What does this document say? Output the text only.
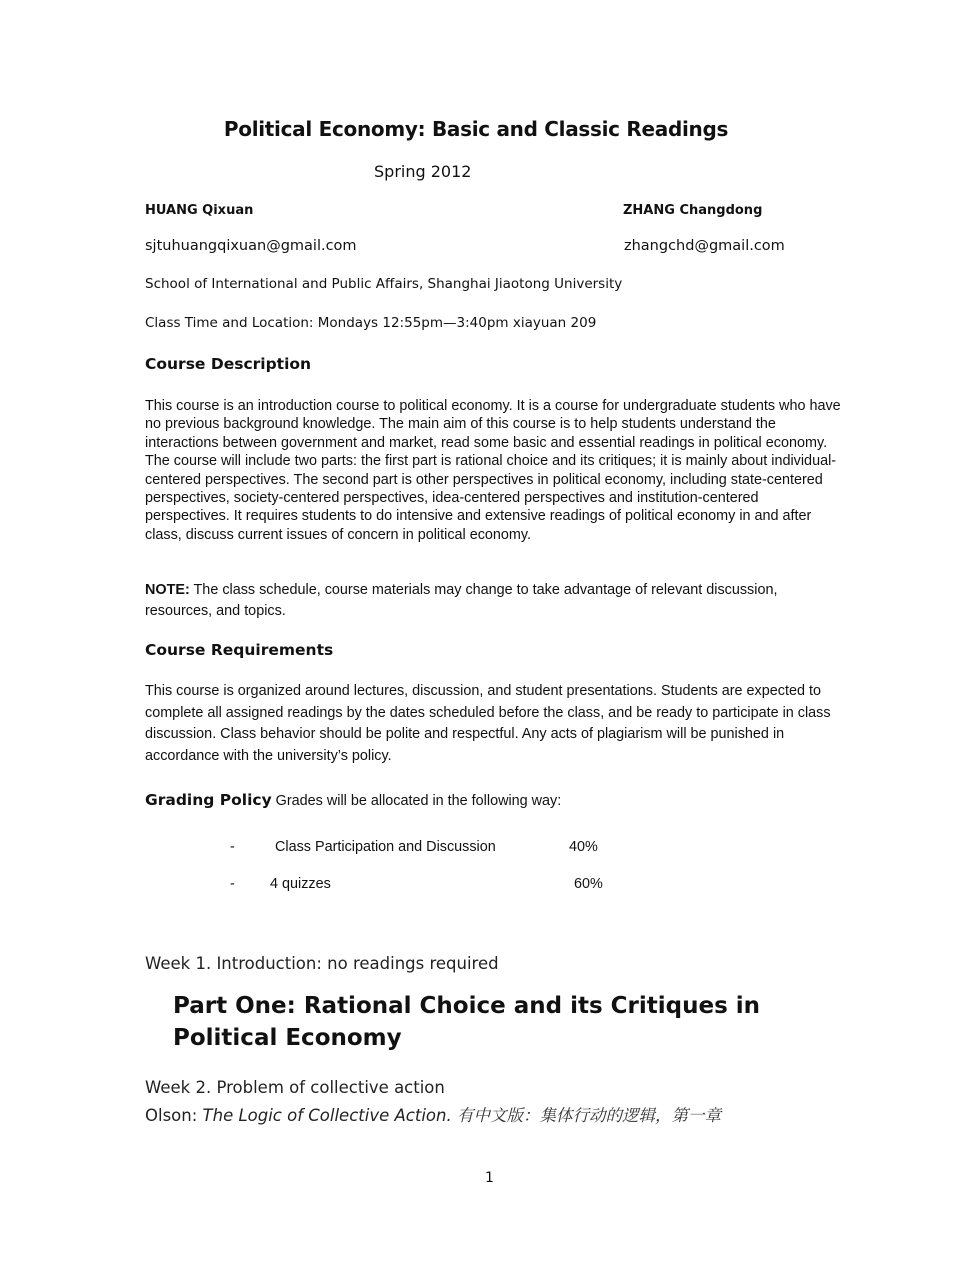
Political Economy: Basic and Classic Readings
Spring 2012
HUANG Qixuan	ZHANG Changdong
sjtuhuangqixuan@gmail.com	zhangchd@gmail.com
School of International and Public Affairs, Shanghai Jiaotong University
Class Time and Location: Mondays 12:55pm—3:40pm xiayuan 209
Course Description
This course is an introduction course to political economy. It is a course for undergraduate students who have no previous background knowledge. The main aim of this course is to help students understand the interactions between government and market, read some basic and essential readings in political economy. The course will include two parts: the first part is rational choice and its critiques; it is mainly about individual-centered perspectives. The second part is other perspectives in political economy, including state-centered perspectives, society-centered perspectives, idea-centered perspectives and institution-centered perspectives. It requires students to do intensive and extensive readings of political economy in and after class, discuss current issues of concern in political economy.
NOTE: The class schedule, course materials may change to take advantage of relevant discussion, resources, and topics.
Course Requirements
This course is organized around lectures, discussion, and student presentations. Students are expected to complete all assigned readings by the dates scheduled before the class, and be ready to participate in class discussion. Class behavior should be polite and respectful. Any acts of plagiarism will be punished in accordance with the university’s policy.
Grading Policy Grades will be allocated in the following way:
-	Class Participation and Discussion	40%
- 4 quizzes	60%
Week 1. Introduction: no readings required
Part One: Rational Choice and its Critiques in Political Economy
Week 2. Problem of collective action
Olson: The Logic of Collective Action. 有中文版：集体行动的逻辑，第一章
1
